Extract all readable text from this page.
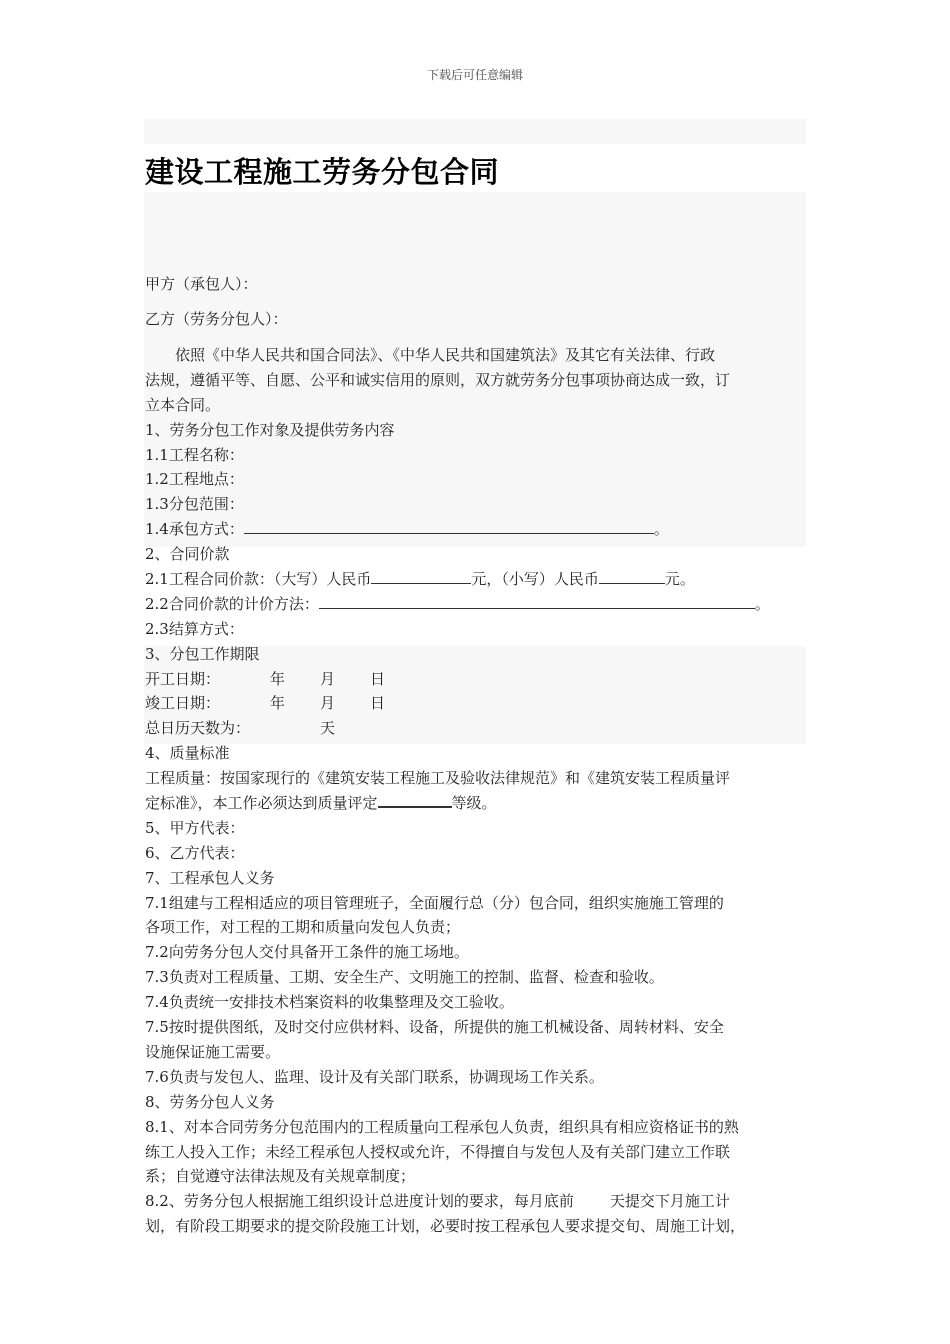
下载后可任意编辑
建设工程施工劳务分包合同

甲方（承包人）：

乙方（劳务分包人）：

依照《中华人民共和国合同法》、《中华人民共和国建筑法》及其它有关法律、行政

法规，遵循平等、自愿、公平和诚实信用的原则，双方就劳务分包事项协商达成一致，订

立本合同。

1、劳务分包工作对象及提供劳务内容

1.1工程名称：

1.2工程地点：

1.3分包范围：

1.4承包方式：	。

2、合同价款

2.1工程合同价款：（大写）人民币	元，（小写）人民币	元。

2.2合同价款的计价方法：	。

2.3结算方式：

3、分包工作期限

开工日期：	年 月 日

竣工日期：	年 月 日

总日历天数为：	天

4、质量标准

工程质量：按国家现行的《建筑安装工程施工及验收法律规范》和《建筑安装工程质量评

定标准》，本工作必须达到质量评定	等级。

5、甲方代表：

6、乙方代表：

7、工程承包人义务

7.1组建与工程相适应的项目管理班子，全面履行总（分）包合同，组织实施施工管理的

各项工作，对工程的工期和质量向发包人负责；

7.2向劳务分包人交付具备开工条件的施工场地。

7.3负责对工程质量、工期、安全生产、文明施工的控制、监督、检查和验收。

7.4负责统一安排技术档案资料的收集整理及交工验收。

7.5按时提供图纸，及时交付应供材料、设备，所提供的施工机械设备、周转材料、安全

设施保证施工需要。

7.6负责与发包人、监理、设计及有关部门联系，协调现场工作关系。

8、劳务分包人义务

8.1、对本合同劳务分包范围内的工程质量向工程承包人负责，组织具有相应资格证书的熟

练工人投入工作；未经工程承包人授权或允许，不得擅自与发包人及有关部门建立工作联

系；自觉遵守法律法规及有关规章制度；

8.2、劳务分包人根据施工组织设计总进度计划的要求，每月底前 天提交下月施工计

划，有阶段工期要求的提交阶段施工计划，必要时按工程承包人要求提交旬、周施工计划，
